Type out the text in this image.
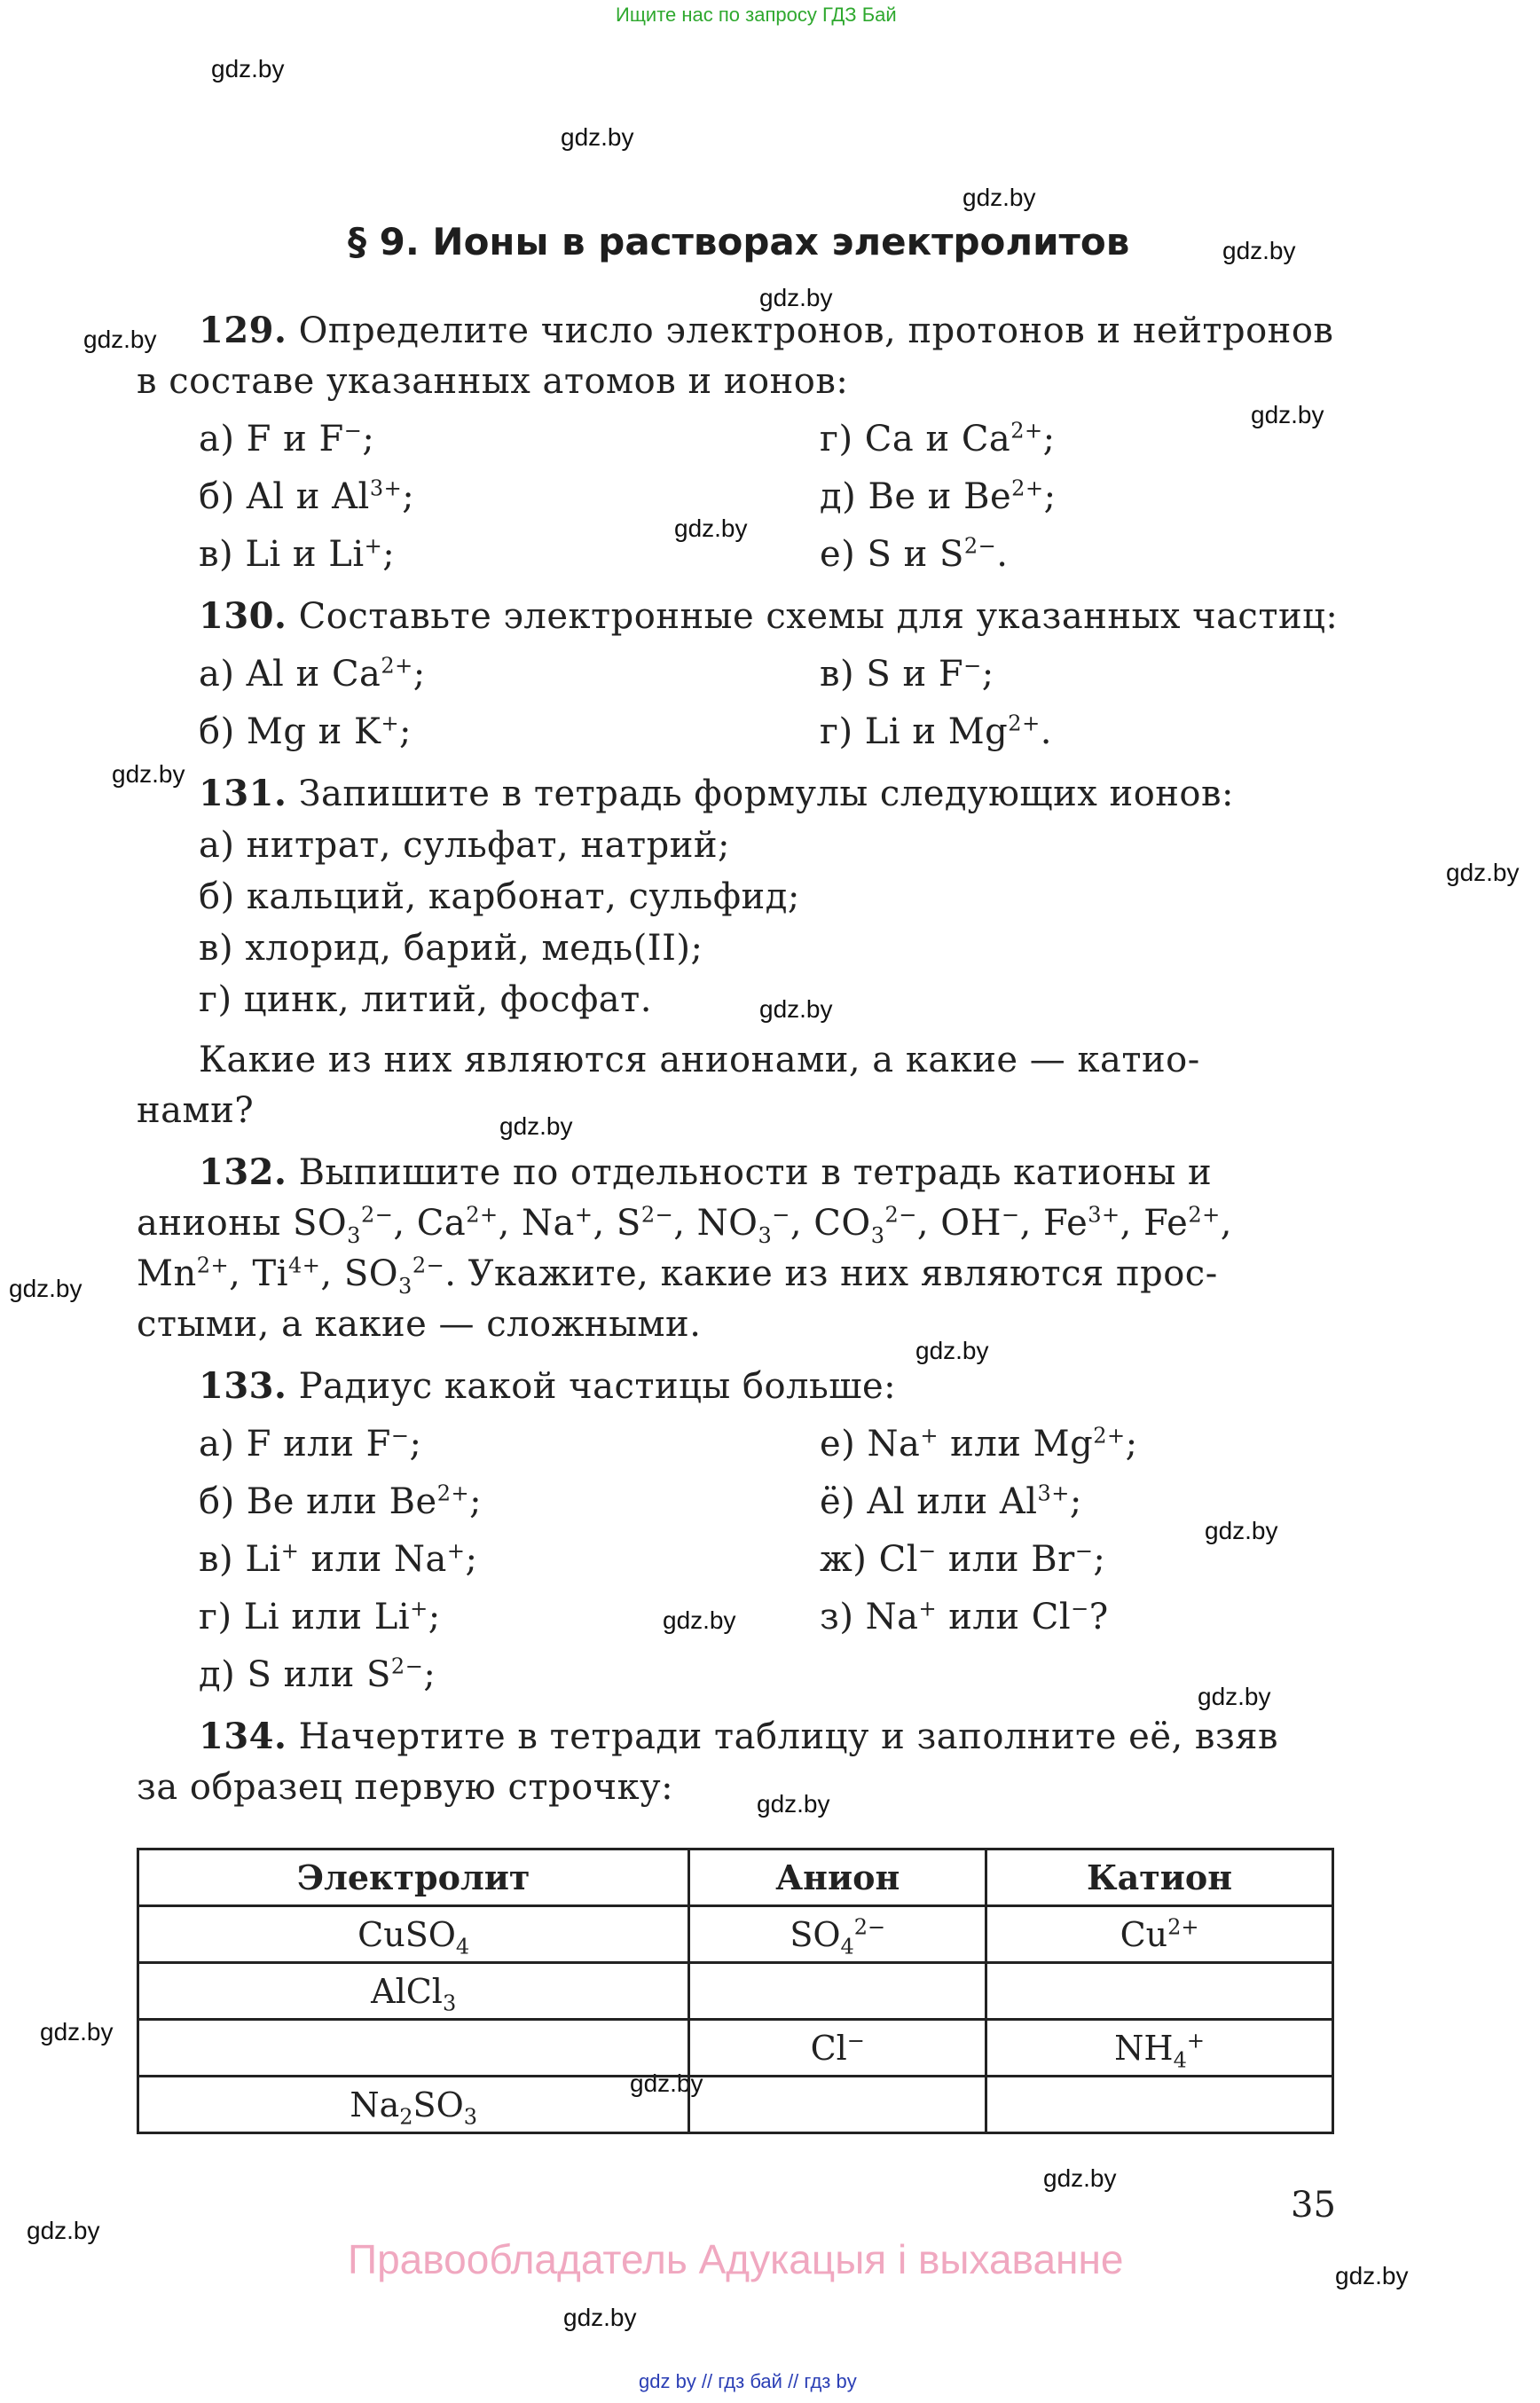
Ищите нас по запросу ГДЗ Бай
gdz.by
gdz.by
gdz.by
gdz.by
gdz.by
gdz.by
gdz.by
gdz.by
gdz.by
gdz.by
gdz.by
gdz.by
gdz.by
gdz.by
gdz.by
gdz.by
gdz.by
gdz.by
gdz.by
gdz.by
gdz.by
gdz.by
gdz.by
gdz.by
§ 9. Ионы в растворах электролитов
129. Определите число электронов, протонов и нейтронов
в составе указанных атомов и ионов:
а) F и F−;
б) Al и $Al^{3+}$;
в) Li и Li+;
г) Ca и $Ca^{2+}$;
д) Be и $Be^{2+}$;
е) S и $S^{2-}$.
130. Составьте электронные схемы для указанных частиц:
а) Al и $Ca^{2+}$;
б) Mg и K+;
в) S и F−;
г) Li и $Mg^{2+}$.
131. Запишите в тетрадь формулы следующих ионов:
а) нитрат, сульфат, натрий;
б) кальций, карбонат, сульфид;
в) хлорид, барий, медь(II);
г) цинк, литий, фосфат.
Какие из них являются анионами, а какие — катио-
нами?
132. Выпишите по отдельности в тетрадь катионы и
анионы $SO_3^{2-}$, $Ca^{2+}$, Na+, $S^{2-}$, $NO_3^-$, $CO_3^{2-}$, OH−, $Fe^{3+}$, $Fe^{2+}$,
$Mn^{2+}$, $Ti^{4+}$, $SO_3^{2-}$. Укажите, какие из них являются прос-
стыми, а какие — сложными.
133. Радиус какой частицы больше:
а) F или F−;
б) Be или $Be^{2+}$;
в) Li+ или Na+;
г) Li или Li+;
д) S или $S^{2-}$;
е) Na+ или $Mg^{2+}$;
ё) Al или $Al^{3+}$;
ж) Cl− или Br−;
з) Na+ или Cl−?
134. Начертите в тетради таблицу и заполните её, взяв
за образец первую строчку:
Электролит	Анион	Катион
CuSO$_4$	$SO_4^{2-}$	$Cu^{2+}$
AlCl$_3$		
	Cl−	$NH_4^+$
$Na_2SO_3$		
35
Правообладатель Адукацыя і выхаванне
gdz by // гдз бай // гдз by
